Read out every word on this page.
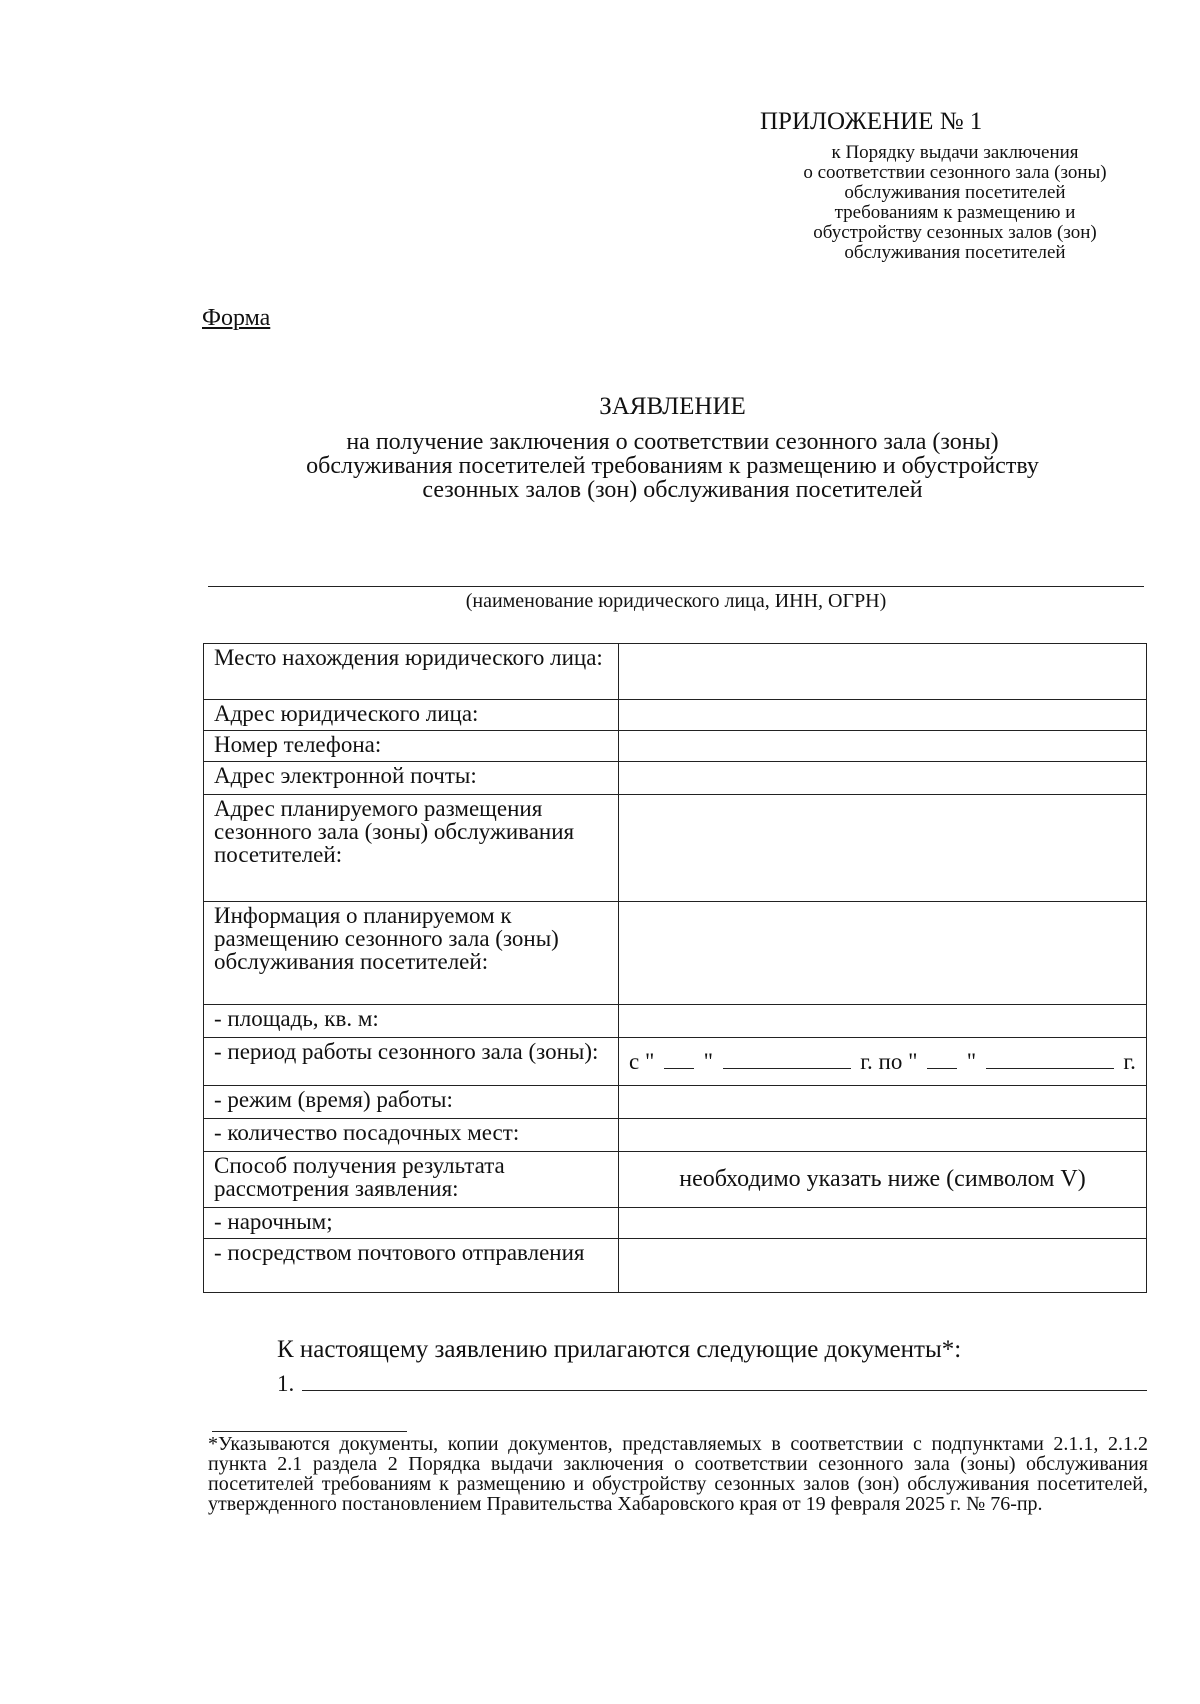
ПРИЛОЖЕНИЕ № 1
к Порядку выдачи заключения
о соответствии сезонного зала (зоны)
обслуживания посетителей
требованиям к размещению и
обустройству сезонных залов (зон)
обслуживания посетителей
Форма
ЗАЯВЛЕНИЕ
на получение заключения о соответствии сезонного зала (зоны)
обслуживания посетителей требованиям к размещению и обустройству
сезонных залов (зон) обслуживания посетителей
(наименование юридического лица, ИНН, ОГРН)
Место нахождения юридического лица:	
Адрес юридического лица:	
Номер телефона:	
Адрес электронной почты:	
Адрес планируемого размещения сезонного зала (зоны) обслуживания посетителей:	
Информация о планируемом к размещению сезонного зала (зоны) обслуживания посетителей:	
- площадь, кв. м:	
- период работы сезонного зала (зоны):	с " " г. по " " г.

- режим (время) работы:	
- количество посадочных мест:	
Способ получения результата рассмотрения заявления:	необходимо указать ниже (символом V)
- нарочным;	
- посредством почтового отправления	
К настоящему заявлению прилагаются следующие документы*:
1.
*Указываются документы, копии документов, представляемых в соответствии с подпунктами 2.1.1, 2.1.2 пункта 2.1 раздела 2 Порядка выдачи заключения о соответствии сезонного зала (зоны) обслуживания посетителей требованиям к размещению и обустройству сезонных залов (зон) обслуживания посетителей, утвержденного постановлением Правительства Хабаровского края от 19 февраля 2025 г. № 76-пр.
